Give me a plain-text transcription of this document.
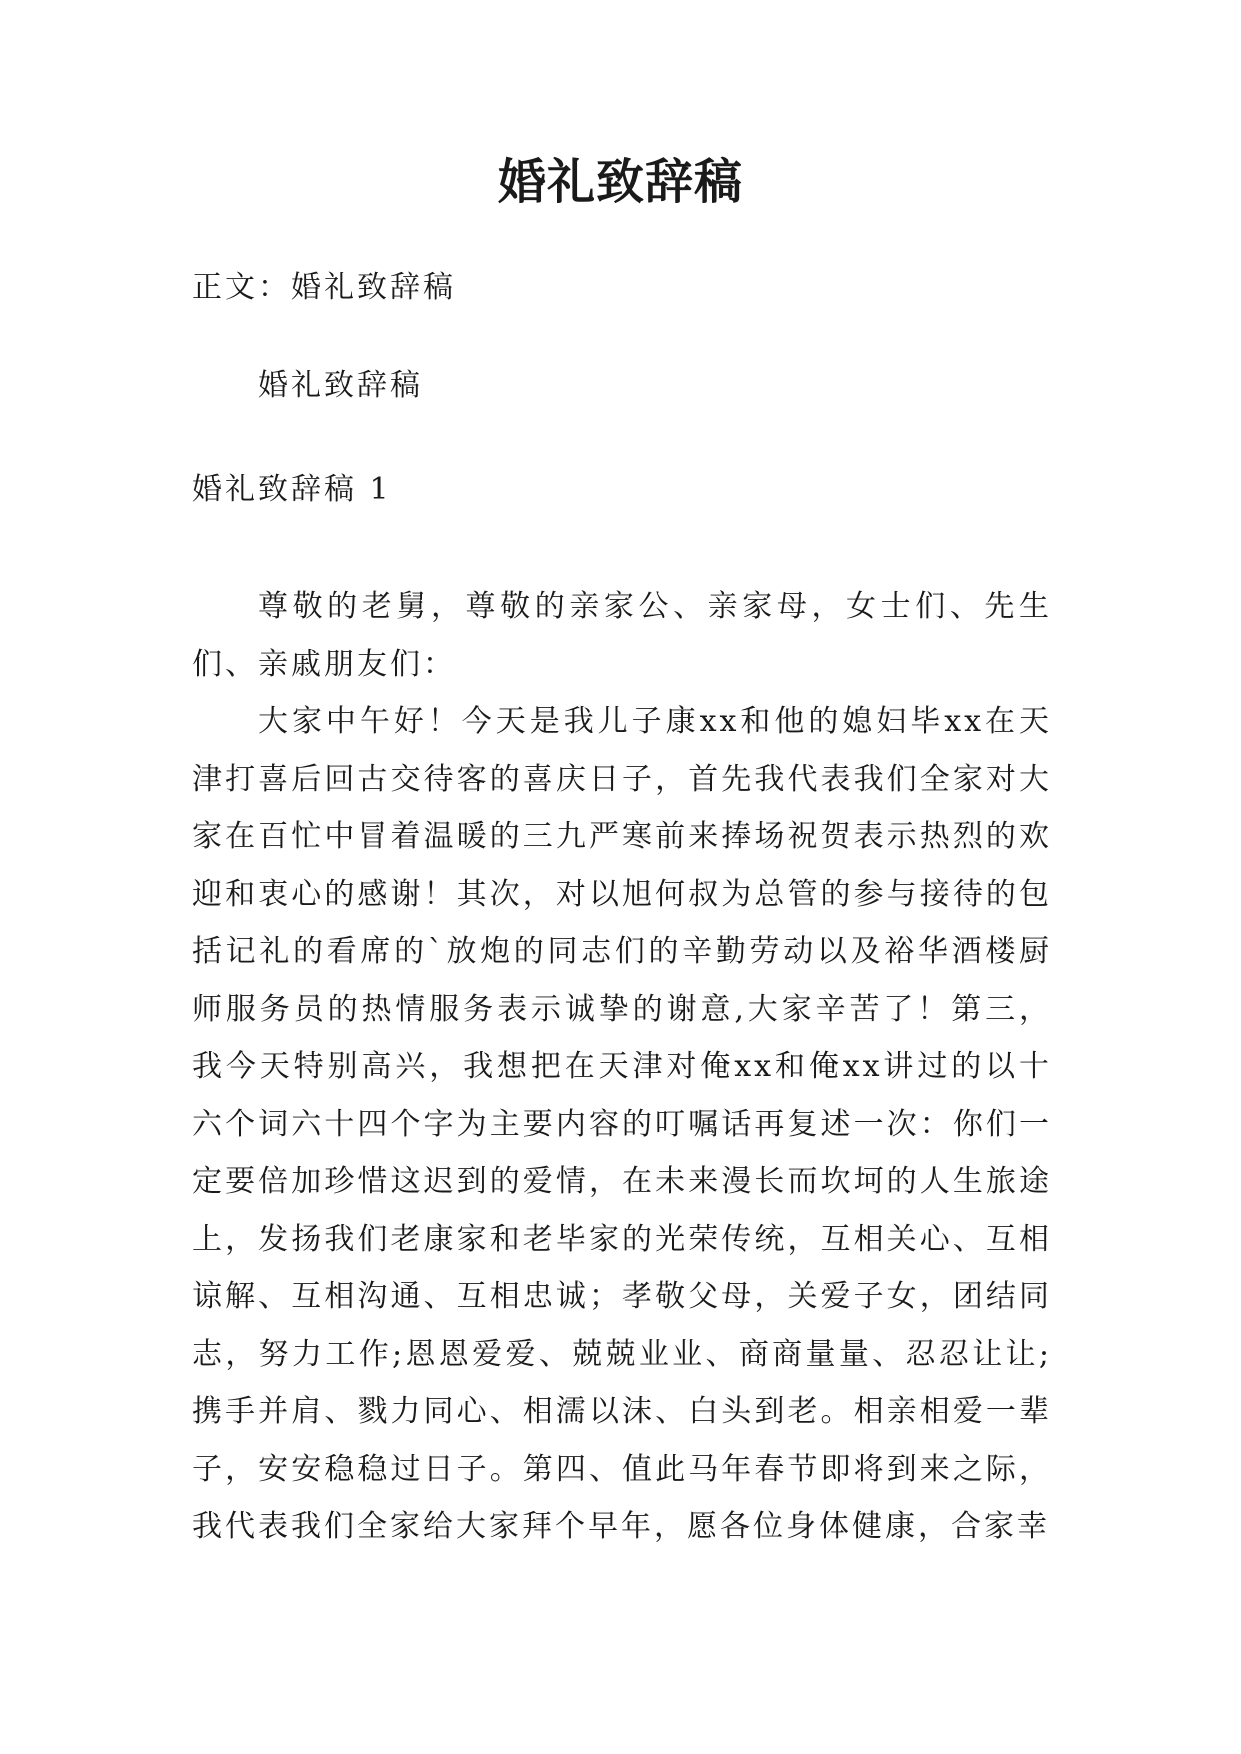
婚礼致辞稿
正文：婚礼致辞稿
婚礼致辞稿
婚礼致辞稿 1

尊敬的老舅，尊敬的亲家公、亲家母，女士们、先生们、亲戚朋友们：

大家中午好！今天是我儿子康xx和他的媳妇毕xx在天津打喜后回古交待客的喜庆日子，首先我代表我们全家对大家在百忙中冒着温暖的三九严寒前来捧场祝贺表示热烈的欢迎和衷心的感谢！其次，对以旭何叔为总管的参与接待的包括记礼的看席的`放炮的同志们的辛勤劳动以及裕华酒楼厨师服务员的热情服务表示诚挚的谢意,大家辛苦了！第三，我今天特别高兴，我想把在天津对俺xx和俺xx讲过的以十六个词六十四个字为主要内容的叮嘱话再复述一次：你们一定要倍加珍惜这迟到的爱情，在未来漫长而坎坷的人生旅途上，发扬我们老康家和老毕家的光荣传统，互相关心、互相谅解、互相沟通、互相忠诚；孝敬父母，关爱子女，团结同志，努力工作;恩恩爱爱、兢兢业业、商商量量、忍忍让让;携手并肩、戮力同心、相濡以沫、白头到老。相亲相爱一辈子，安安稳稳过日子。第四、值此马年春节即将到来之际，我代表我们全家给大家拜个早年，愿各位身体健康，合家幸
